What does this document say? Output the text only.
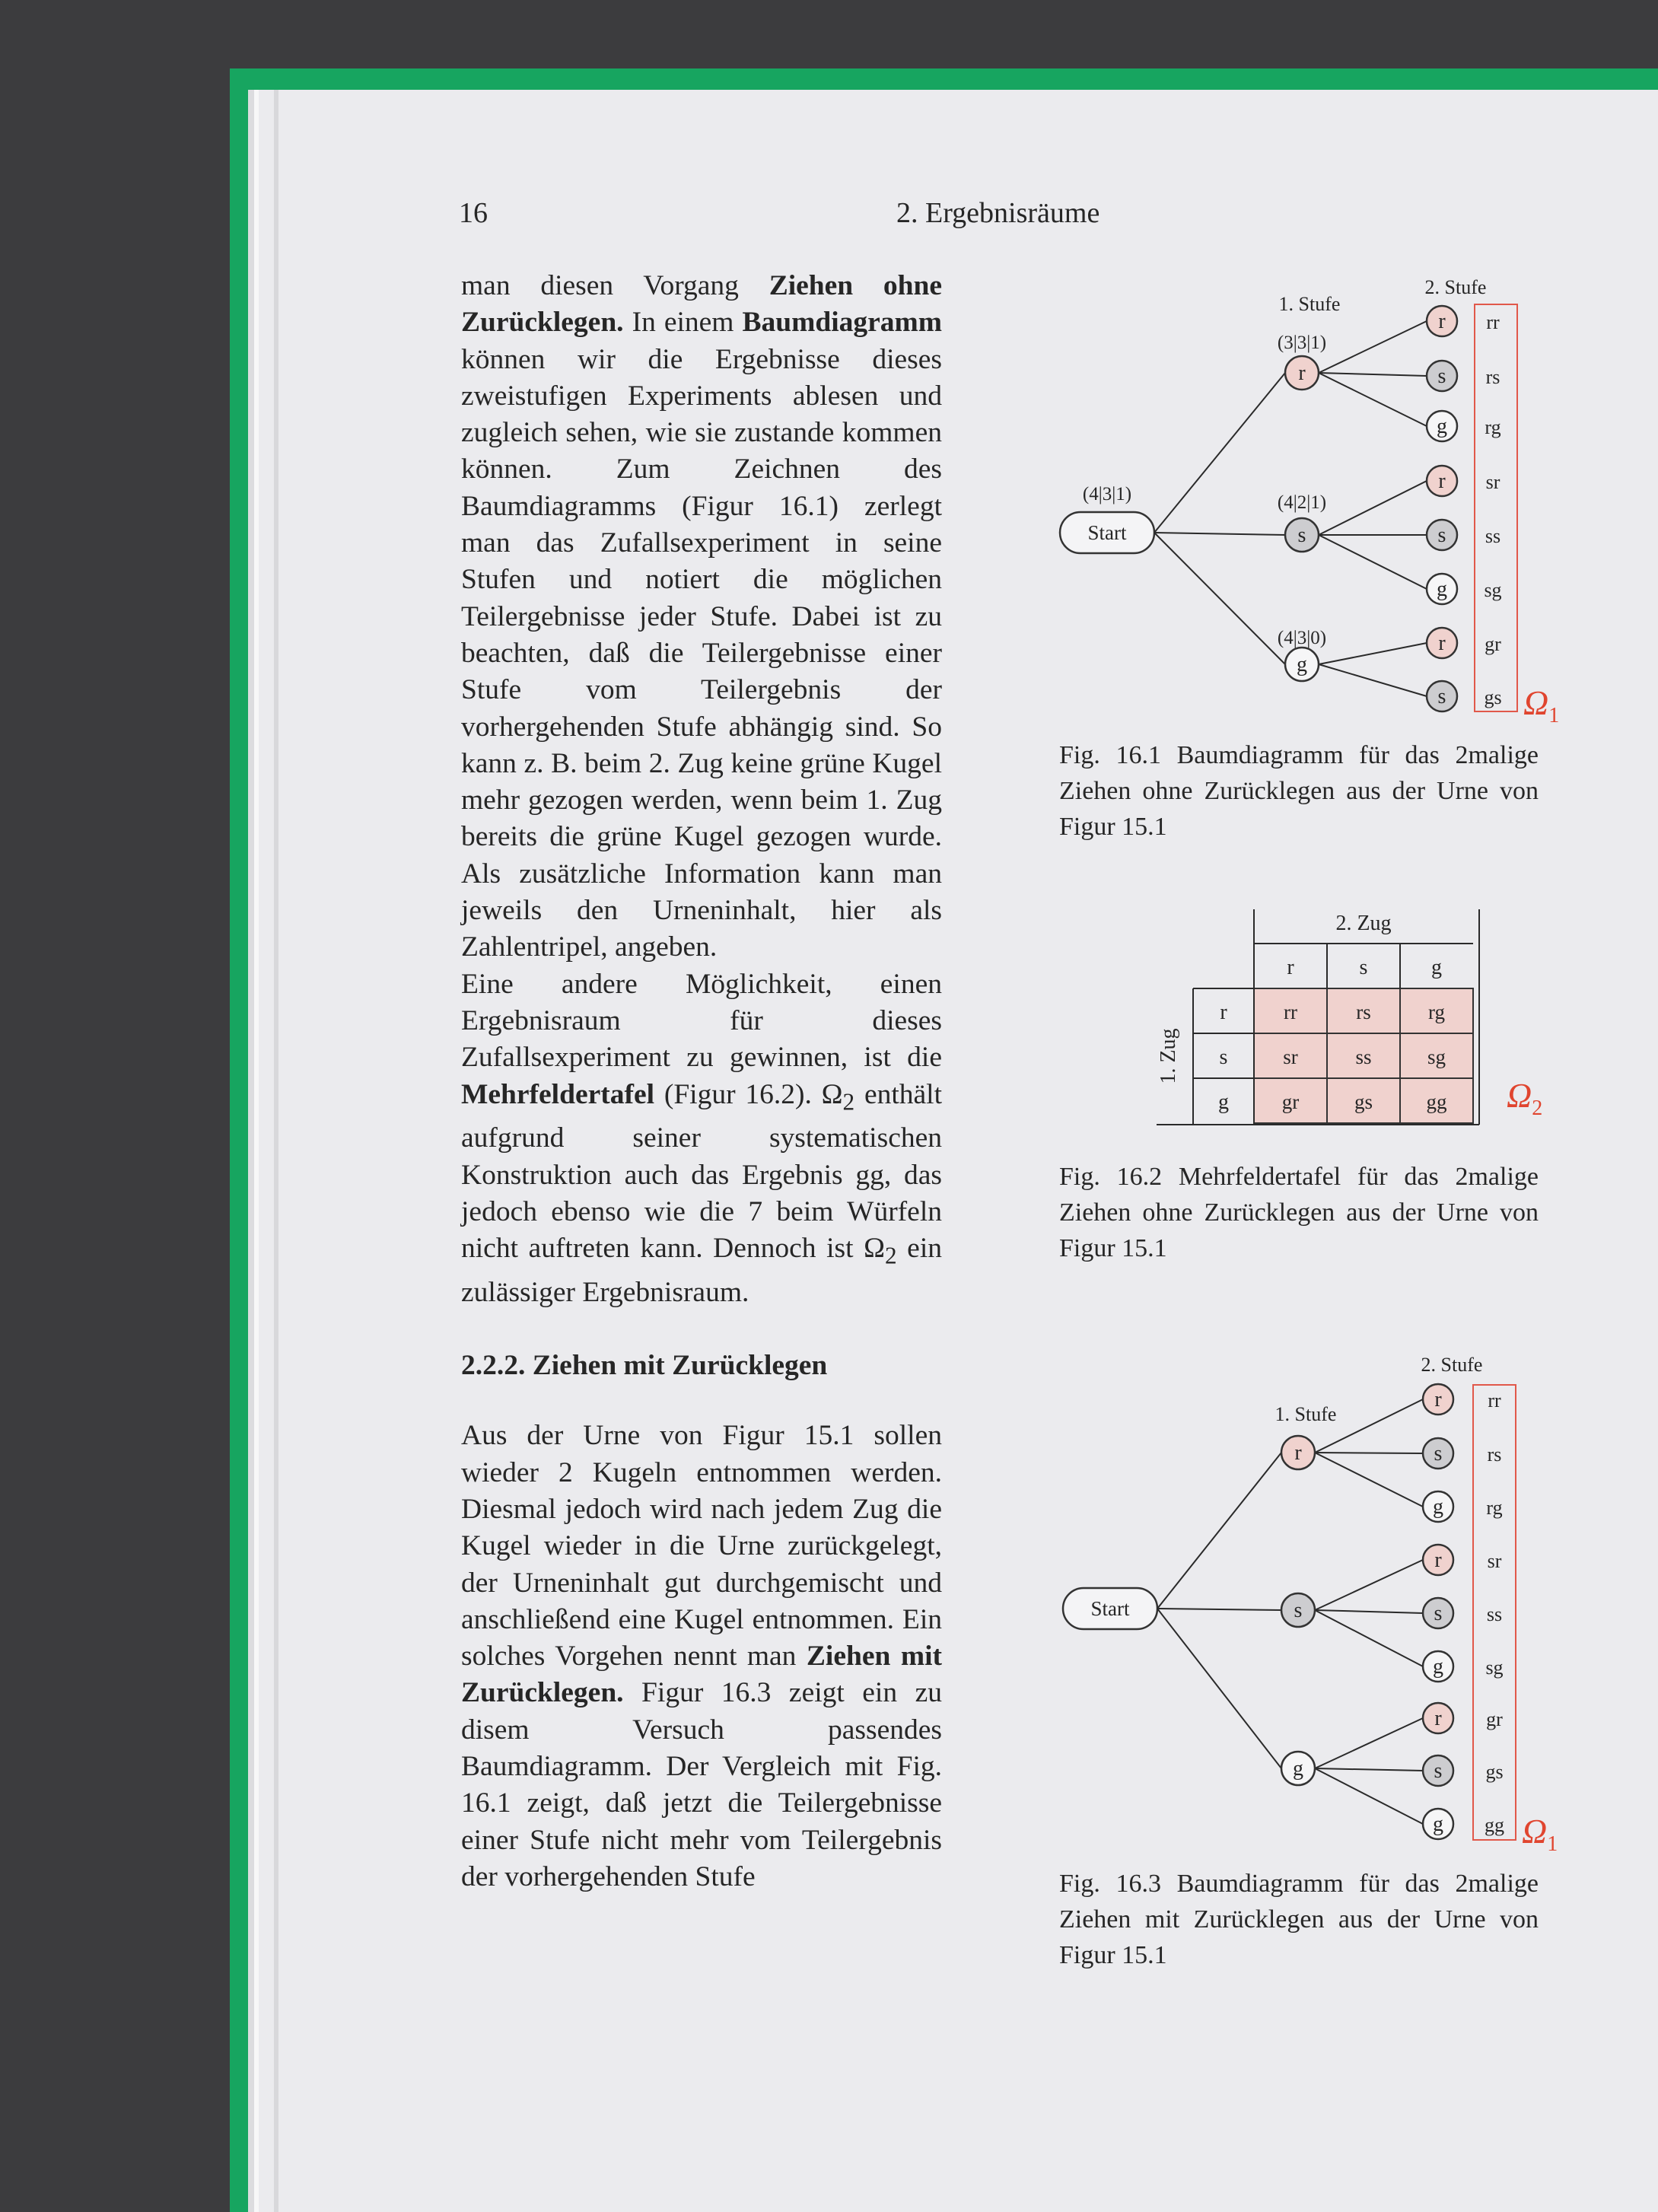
16	2. Ergebnisräume

man diesen Vorgang Ziehen ohne Zurücklegen. In einem Baumdiagramm können wir die Ergebnisse dieses zweistufigen Experiments ablesen und zugleich sehen, wie sie zustande kommen können. Zum Zeichnen des Baumdiagramms (Figur 16.1) zerlegt man das Zufallsexperiment in seine Stufen und notiert die möglichen Teilergebnisse jeder Stufe. Dabei ist zu beachten, daß die Teilergebnisse einer Stufe vom Teilergebnis der vorhergehenden Stufe abhängig sind. So kann z. B. beim 2. Zug keine grüne Kugel mehr gezogen werden, wenn beim 1. Zug bereits die grüne Kugel gezogen wurde. Als zusätzliche Information kann man jeweils den Urneninhalt, hier als Zahlentripel, angeben.

Eine andere Möglichkeit, einen Ergebnisraum für dieses Zufallsexperiment zu gewinnen, ist die Mehrfeldertafel (Figur 16.2). $\Omega_2$ enthält aufgrund seiner systematischen Konstruktion auch das Ergebnis gg, das jedoch ebenso wie die 7 beim Würfeln nicht auftreten kann. Dennoch ist $\Omega_2$ ein zulässiger Ergebnisraum.

2.2.2. Ziehen mit Zurücklegen

Aus der Urne von Figur 15.1 sollen wieder 2 Kugeln entnommen werden. Diesmal jedoch wird nach jedem Zug die Kugel wieder in die Urne zurückgelegt, der Urneninhalt gut durchgemischt und anschließend eine Kugel entnommen. Ein solches Vorgehen nennt man Ziehen mit Zurücklegen. Figur 16.3 zeigt ein zu disem Versuch passendes Baumdiagramm. Der Vergleich mit Fig. 16.1 zeigt, daß jetzt die Teilergebnisse einer Stufe nicht mehr vom Teilergebnis der vorhergehenden Stufe

Start
r
s
g
r rr
s rs
g rg
r sr
s ss
g sg
r gr
s gs
1. Stufe
2. Stufe
$\Omega_1$
(3|3|1)
(4|2|1)
(4|3|0)
(4|3|1)
Start
r
s
g
r rr
s rs
g rg
r sr
s ss
g sg
r gr
s gs
g gg
1. Stufe
2. Stufe
$\Omega_1$
rr	rs	rg
sr	ss	sg
gr	gs	gg
2. Zug
r	s	g
r
s
g
1. Zug
$\Omega_2$
Fig. 16.1 Baumdiagramm für das 2malige Ziehen ohne Zurücklegen aus der Urne von Figur 15.1
Fig. 16.2 Mehrfeldertafel für das 2malige Ziehen ohne Zurücklegen aus der Urne von Figur 15.1
Fig. 16.3 Baumdiagramm für das 2malige Ziehen mit Zurücklegen aus der Urne von Figur 15.1
